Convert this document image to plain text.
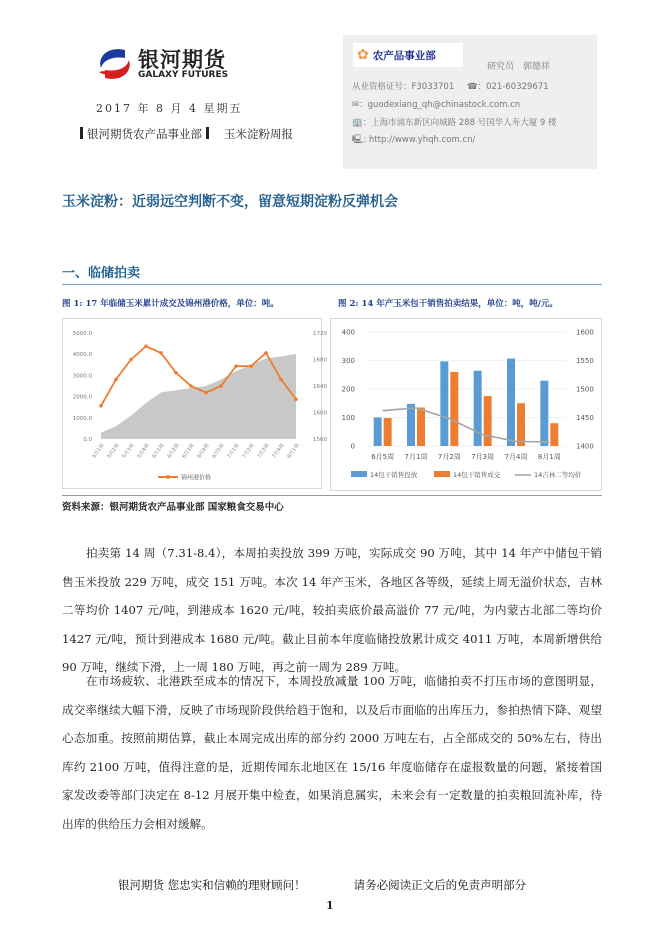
银河期货
GALAXY FUTURES
2017 年 8 月 4 星期五
银河期货农产品事业部 玉米淀粉周报
✿ 农产品事业部
研究员　郭德祥
从业资格证号：F3033701 ☎：021-60329671
✉：guodexiang_qh@chinastock.com.cn
🏢：上海市浦东新区向城路 288 号国华人寿大厦 9 楼
🖳: http://www.yhqh.com.cn/
玉米淀粉：近弱远空判断不变，留意短期淀粉反弹机会
一、临储拍卖
图 1: 17 年临储玉米累计成交及锦州港价格，单位：吨。	图 2: 14 年产玉米包干销售拍卖结果，单位：吨，吨/元。
0.0
1000.0
2000.0
3000.0
4000.0
5000.0
1560
1600
1640
1680
1720
5月1周 5月2周 5月3周 5月4周 6月1周 6月2周 6月3周 6月4周 6月5周 7月1周 7月2周 7月3周 7月4周 8月1周
锦州港价格
0
100
200
300
400
1400
1450
1500
1550
1600
6月5周 7月1周 7月2周 7月3周 7月4周 8月1周
14包干销售投放	14包干销售成交	14吉林二等均价
资料来源：银河期货农产品事业部 国家粮食交易中心

拍卖第 14 周（7.31-8.4），本周拍卖投放 399 万吨，实际成交 90 万吨，其中 14 年产中储包干销售玉米投放 229 万吨，成交 151 万吨。本次 14 年产玉米，各地区各等级，延续上周无溢价状态，吉林二等均价 1407 元/吨，到港成本 1620 元/吨，较拍卖底价最高溢价 77 元/吨，为内蒙古北部二等均价 1427 元/吨，预计到港成本 1680 元/吨。截止目前本年度临储投放累计成交 4011 万吨，本周新增供给 90 万吨，继续下滑，上一周 180 万吨，再之前一周为 289 万吨。

在市场疲软、北港跌至成本的情况下，本周投放减量 100 万吨，临储拍卖不打压市场的意图明显，成交率继续大幅下滑，反映了市场现阶段供给趋于饱和，以及后市面临的出库压力，参拍热情下降、观望心态加重。按照前期估算，截止本周完成出库的部分约 2000 万吨左右，占全部成交的 50%左右，待出库约 2100 万吨，值得注意的是，近期传闻东北地区在 15/16 年度临储存在虚报数量的问题，紧接着国家发改委等部门决定在 8-12 月展开集中检查，如果消息属实，未来会有一定数量的拍卖粮回流补库，待出库的供给压力会相对缓解。

银河期货 您忠实和信赖的理财顾问！	请务必阅读正文后的免责声明部分
1
